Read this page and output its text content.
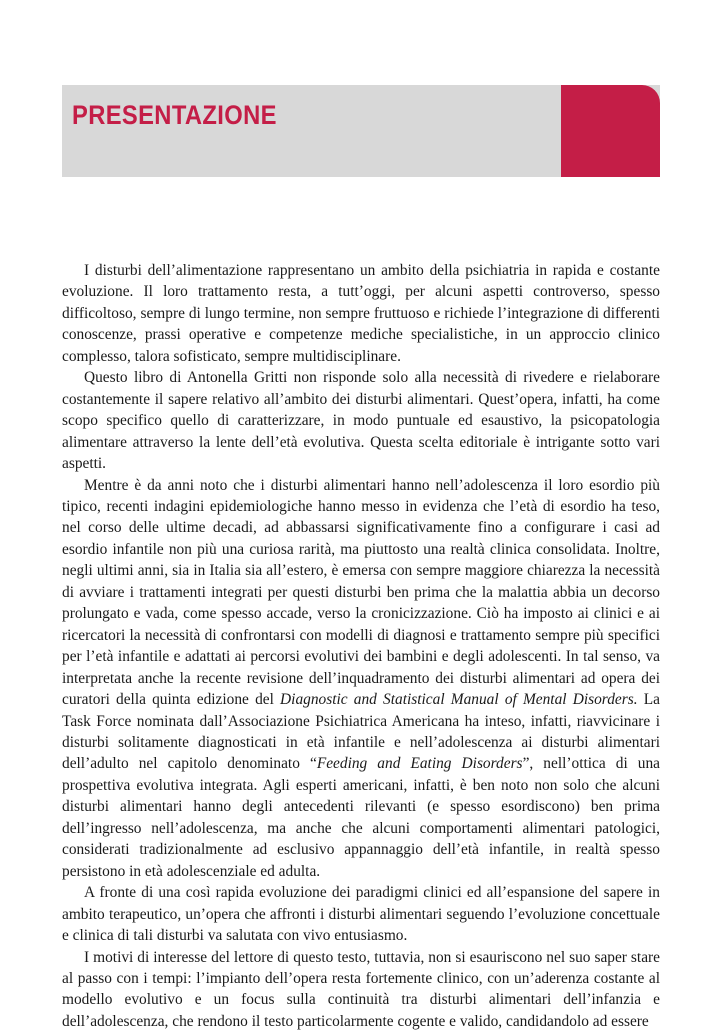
PRESENTAZIONE

I disturbi dell’alimentazione rappresentano un ambito della psichiatria in rapida e costante evoluzione. Il loro trattamento resta, a tutt’oggi, per alcuni aspetti controverso, spesso difficoltoso, sempre di lungo termine, non sempre fruttuoso e richiede l’integrazione di differenti conoscenze, prassi operative e competenze mediche specialistiche, in un approccio clinico complesso, talora sofisticato, sempre multidisciplinare.

Questo libro di Antonella Gritti non risponde solo alla necessità di rivedere e rielaborare costantemente il sapere relativo all’ambito dei disturbi alimentari. Quest’opera, infatti, ha come scopo specifico quello di caratterizzare, in modo puntuale ed esaustivo, la psicopatologia alimentare attraverso la lente dell’età evolutiva. Questa scelta editoriale è intrigante sotto vari aspetti.

Mentre è da anni noto che i disturbi alimentari hanno nell’adolescenza il loro esordio più tipico, recenti indagini epidemiologiche hanno messo in evidenza che l’età di esordio ha teso, nel corso delle ultime decadi, ad abbassarsi significativamente fino a configurare i casi ad esordio infantile non più una curiosa rarità, ma piuttosto una realtà clinica consolidata. Inoltre, negli ultimi anni, sia in Italia sia all’estero, è emersa con sempre maggiore chiarezza la necessità di avviare i trattamenti integrati per questi disturbi ben prima che la malattia abbia un decorso prolungato e vada, come spesso accade, verso la cronicizzazione. Ciò ha imposto ai clinici e ai ricercatori la necessità di confrontarsi con modelli di diagnosi e trattamento sempre più specifici per l’età infantile e adattati ai percorsi evolutivi dei bambini e degli adolescenti. In tal senso, va interpretata anche la recente revisione dell’inquadramento dei disturbi alimentari ad opera dei curatori della quinta edizione del Diagnostic and Statistical Manual of Mental Disorders. La Task Force nominata dall’Associazione Psichiatrica Americana ha inteso, infatti, riavvicinare i disturbi solitamente diagnosticati in età infantile e nell’adolescenza ai disturbi alimentari dell’adulto nel capitolo denominato “Feeding and Eating Disorders”, nell’ottica di una prospettiva evolutiva integrata. Agli esperti americani, infatti, è ben noto non solo che alcuni disturbi alimentari hanno degli antecedenti rilevanti (e spesso esordiscono) ben prima dell’ingresso nell’adolescenza, ma anche che alcuni comportamenti alimentari patologici, considerati tradizionalmente ad esclusivo appannaggio dell’età infantile, in realtà spesso persistono in età adolescenziale ed adulta.

A fronte di una così rapida evoluzione dei paradigmi clinici ed all’espansione del sapere in ambito terapeutico, un’opera che affronti i disturbi alimentari seguendo l’evoluzione concettuale e clinica di tali disturbi va salutata con vivo entusiasmo.

I motivi di interesse del lettore di questo testo, tuttavia, non si esauriscono nel suo saper stare al passo con i tempi: l’impianto dell’opera resta fortemente clinico, con un’aderenza costante al modello evolutivo e un focus sulla continuità tra disturbi alimentari dell’infanzia e dell’adolescenza, che rendono il testo particolarmente cogente e valido, candidandolo ad essere
